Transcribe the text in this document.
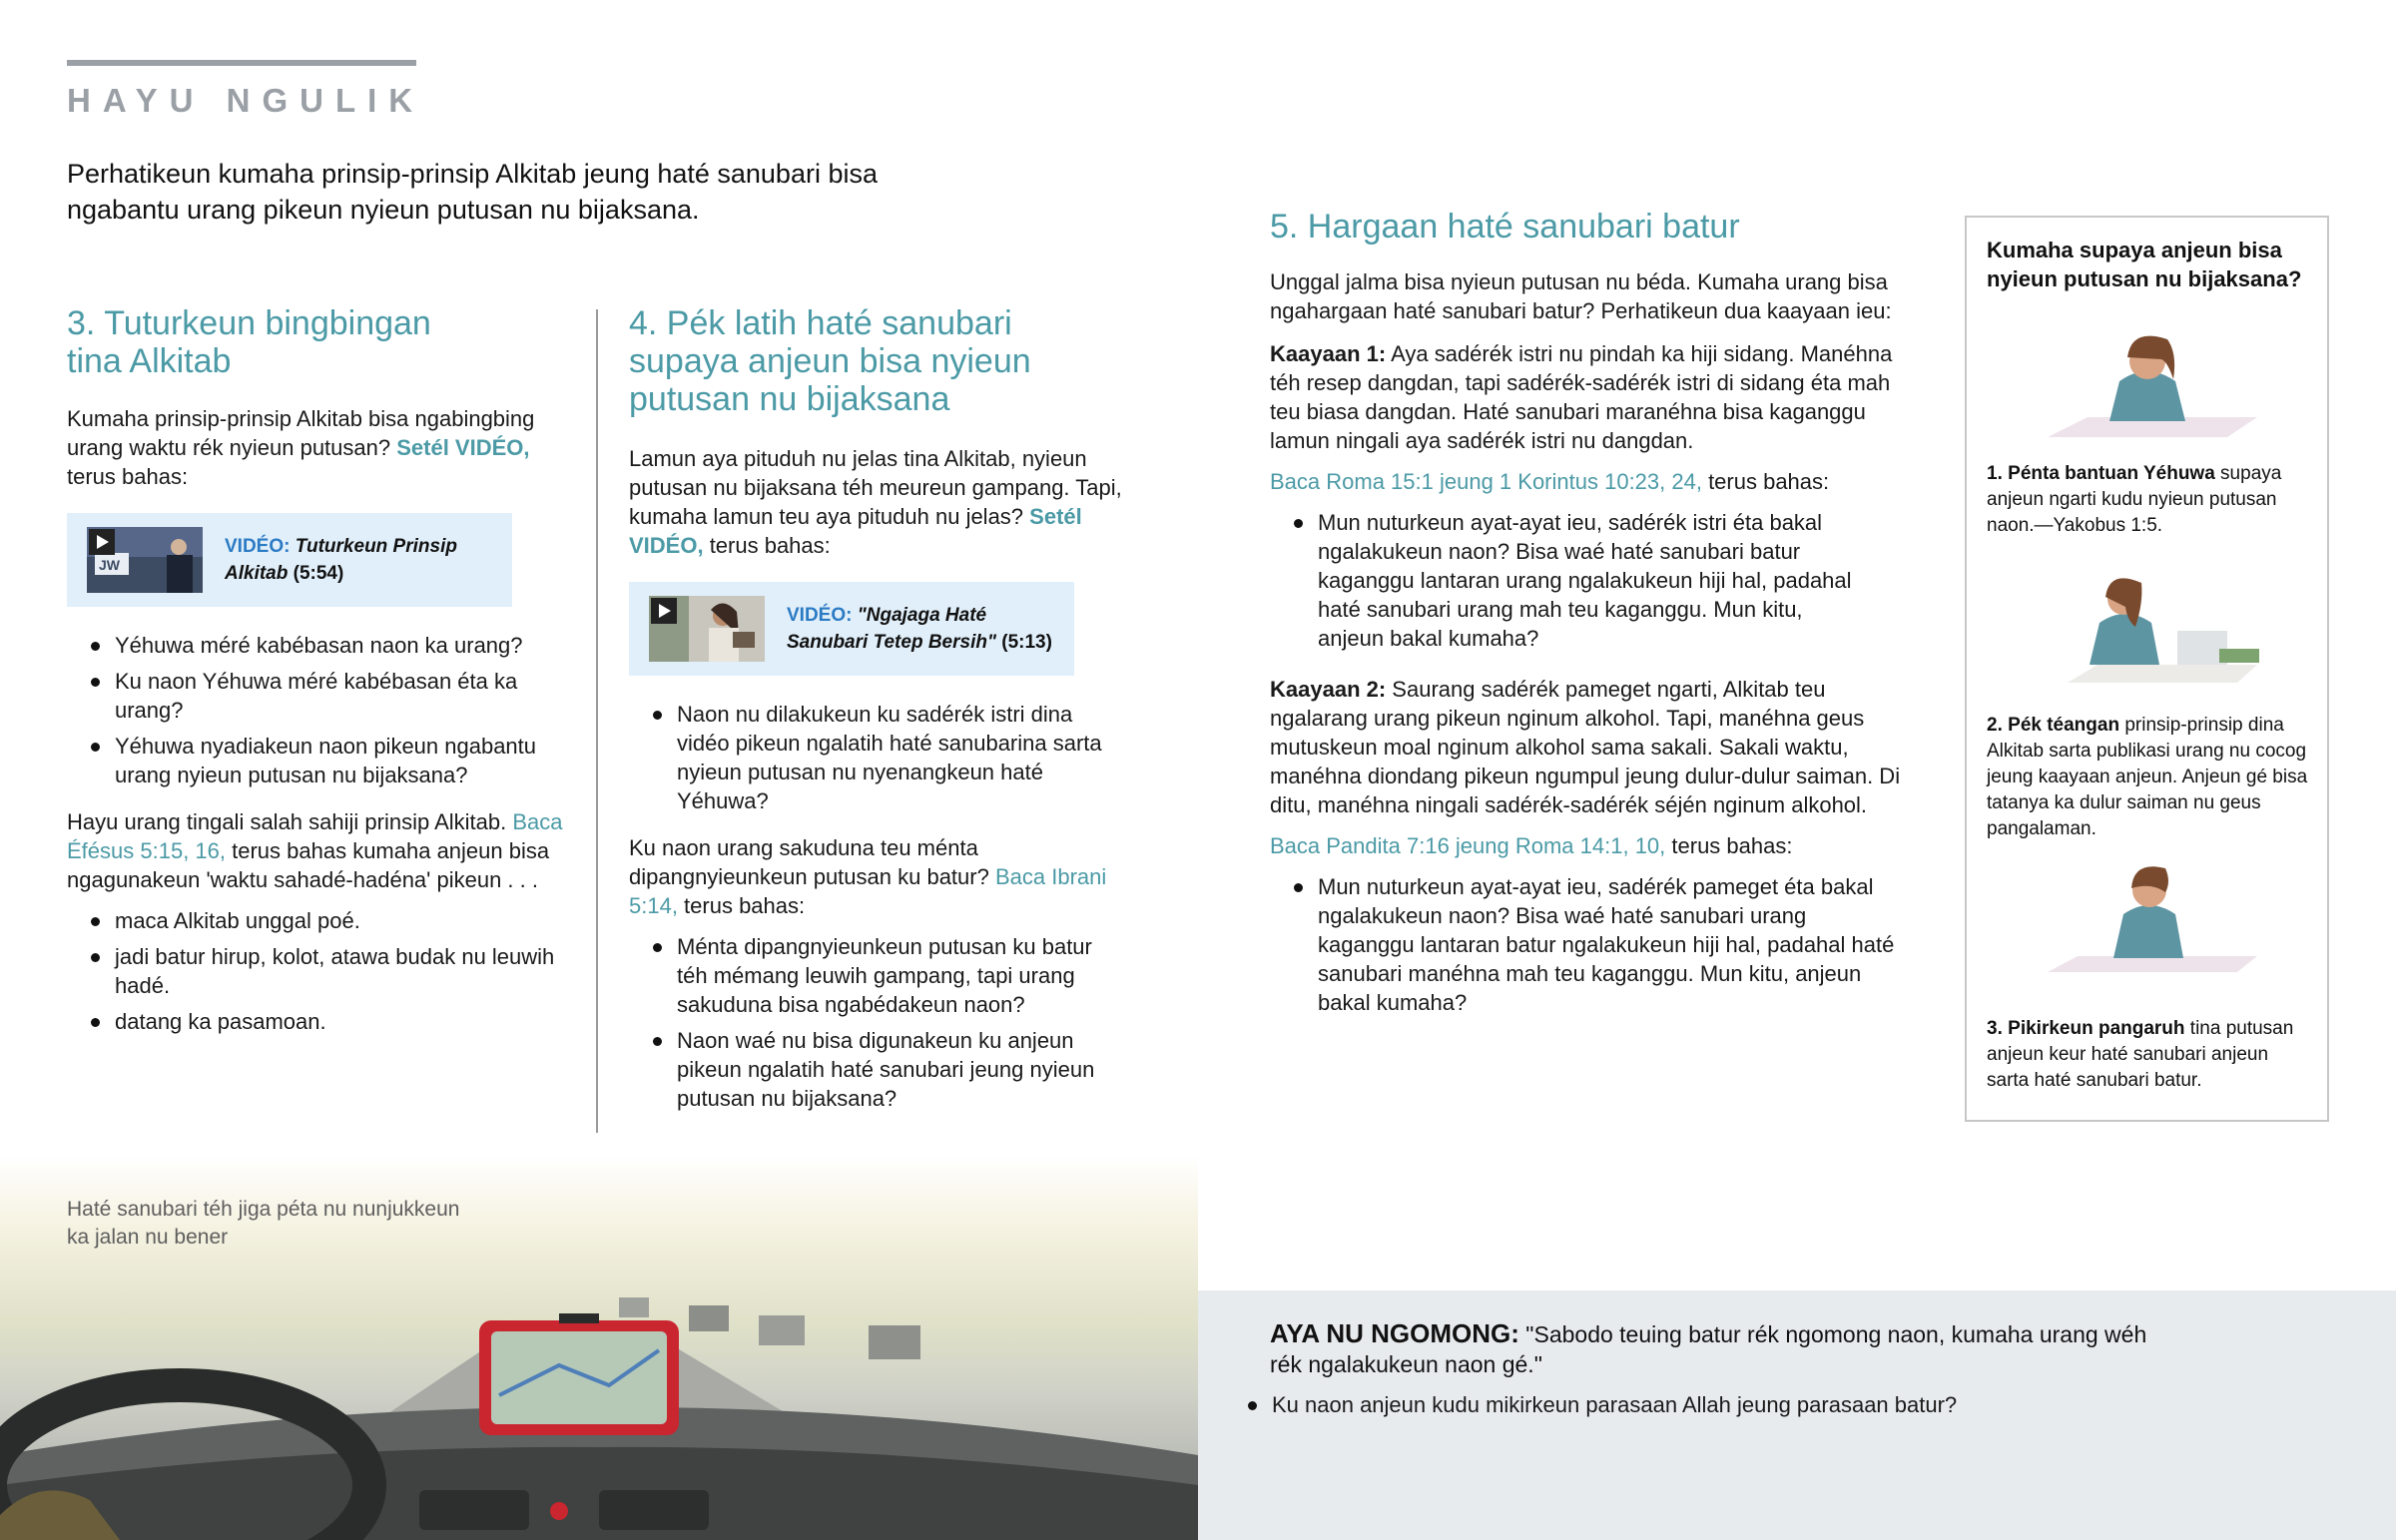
HAYU NGULIK

Perhatikeun kumaha prinsip-prinsip Alkitab jeung haté sanubari bisa ngabantu urang pikeun nyieun putusan nu bijaksana.

3. Tuturkeun bingbingan tina Alkitab

Kumaha prinsip-prinsip Alkitab bisa ngabingbing urang waktu rék nyieun putusan? Setél VIDÉO, terus bahas:

JW
VIDÉO: Tuturkeun Prinsip Alkitab (5:54)
Yéhuwa méré kabébasan naon ka urang?
Ku naon Yéhuwa méré kabébasan éta ka urang?
Yéhuwa nyadiakeun naon pikeun ngabantu urang nyieun putusan nu bijaksana?

Hayu urang tingali salah sahiji prinsip Alkitab. Baca Éfésus 5:15, 16, terus bahas kumaha anjeun bisa ngagunakeun 'waktu sahadé-hadéna' pikeun . . .

maca Alkitab unggal poé.
jadi batur hirup, kolot, atawa budak nu leuwih hadé.
datang ka pasamoan.
4. Pék latih haté sanubari supaya anjeun bisa nyieun putusan nu bijaksana

Lamun aya pituduh nu jelas tina Alkitab, nyieun putusan nu bijaksana téh meureun gampang. Tapi, kumaha lamun teu aya pituduh nu jelas? Setél VIDÉO, terus bahas:

VIDÉO: "Ngajaga Haté Sanubari Tetep Bersih" (5:13)
Naon nu dilakukeun ku sadérék istri dina vidéo pikeun ngalatih haté sanubarina sarta nyieun putusan nu nyenangkeun haté Yéhuwa?

Ku naon urang sakuduna teu ménta dipangnyieunkeun putusan ku batur? Baca Ibrani 5:14, terus bahas:

Ménta dipangnyieunkeun putusan ku batur téh mémang leuwih gampang, tapi urang sakuduna bisa ngabédakeun naon?
Naon waé nu bisa digunakeun ku anjeun pikeun ngalatih haté sanubari jeung nyieun putusan nu bijaksana?
5. Hargaan haté sanubari batur

Unggal jalma bisa nyieun putusan nu béda. Kumaha urang bisa ngahargaan haté sanubari batur? Perhatikeun dua kaayaan ieu:

Kaayaan 1: Aya sadérék istri nu pindah ka hiji sidang. Manéhna téh resep dangdan, tapi sadérék-sadérék istri di sidang éta mah teu biasa dangdan. Haté sanubari maranéhna bisa kaganggu lamun ningali aya sadérék istri nu dangdan.

Baca Roma 15:1 jeung 1 Korintus 10:23, 24, terus bahas:

Mun nuturkeun ayat-ayat ieu, sadérék istri éta bakal ngalakukeun naon? Bisa waé haté sanubari batur kaganggu lantaran urang ngalakukeun hiji hal, padahal haté sanubari urang mah teu kaganggu. Mun kitu, anjeun bakal kumaha?

Kaayaan 2: Saurang sadérék pameget ngarti, Alkitab teu ngalarang urang pikeun nginum alkohol. Tapi, manéhna geus mutuskeun moal nginum alkohol sama sakali. Sakali waktu, manéhna diondang pikeun ngumpul jeung dulur-dulur saiman. Di ditu, manéhna ningali sadérék-sadérék séjén nginum alkohol.

Baca Pandita 7:16 jeung Roma 14:1, 10, terus bahas:

Mun nuturkeun ayat-ayat ieu, sadérék pameget éta bakal ngalakukeun naon? Bisa waé haté sanubari urang kaganggu lantaran batur ngalakukeun hiji hal, padahal haté sanubari manéhna mah teu kaganggu. Mun kitu, anjeun bakal kumaha?
Kumaha supaya anjeun bisa nyieun putusan nu bijaksana?
1. Pénta bantuan Yéhuwa supaya anjeun ngarti kudu nyieun putusan naon.—Yakobus 1:5.
2. Pék téangan prinsip-prinsip dina Alkitab sarta publikasi urang nu cocog jeung kaayaan anjeun. Anjeun gé bisa tatanya ka dulur saiman nu geus pangalaman.
3. Pikirkeun pangaruh tina putusan anjeun keur haté sanubari anjeun sarta haté sanubari batur.
Haté sanubari téh jiga péta nu nunjukkeun ka jalan nu bener

AYA NU NGOMONG: "Sabodo teuing batur rék ngomong naon, kumaha urang wéh rék ngalakukeun naon gé."

Ku naon anjeun kudu mikirkeun parasaan Allah jeung parasaan batur?
